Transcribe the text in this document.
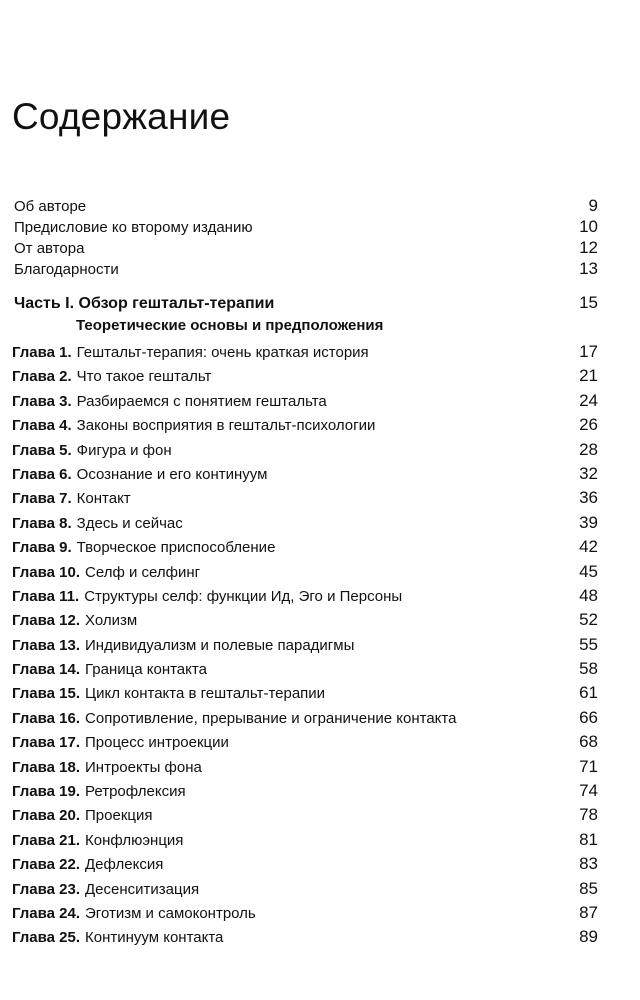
Содержание
Об авторе	9
Предисловие ко второму изданию	10
От автора	12
Благодарности	13
Часть I. Обзор гештальт-терапии	15
Теоретические основы и предположения
Глава 1. Гештальт-терапия: очень краткая история	17
Глава 2. Что такое гештальт	21
Глава 3. Разбираемся с понятием гештальта	24
Глава 4. Законы восприятия в гештальт-психологии	26
Глава 5. Фигура и фон	28
Глава 6. Осознание и его континуум	32
Глава 7. Контакт	36
Глава 8. Здесь и сейчас	39
Глава 9. Творческое приспособление	42
Глава 10. Селф и селфинг	45
Глава 11. Структуры селф: функции Ид, Эго и Персоны	48
Глава 12. Холизм	52
Глава 13. Индивидуализм и полевые парадигмы	55
Глава 14. Граница контакта	58
Глава 15. Цикл контакта в гештальт-терапии	61
Глава 16. Сопротивление, прерывание и ограничение контакта	66
Глава 17. Процесс интроекции	68
Глава 18. Интроекты фона	71
Глава 19. Ретрофлексия	74
Глава 20. Проекция	78
Глава 21. Конфлюэнция	81
Глава 22. Дефлексия	83
Глава 23. Десенситизация	85
Глава 24. Эготизм и самоконтроль	87
Глава 25. Континуум контакта	89
